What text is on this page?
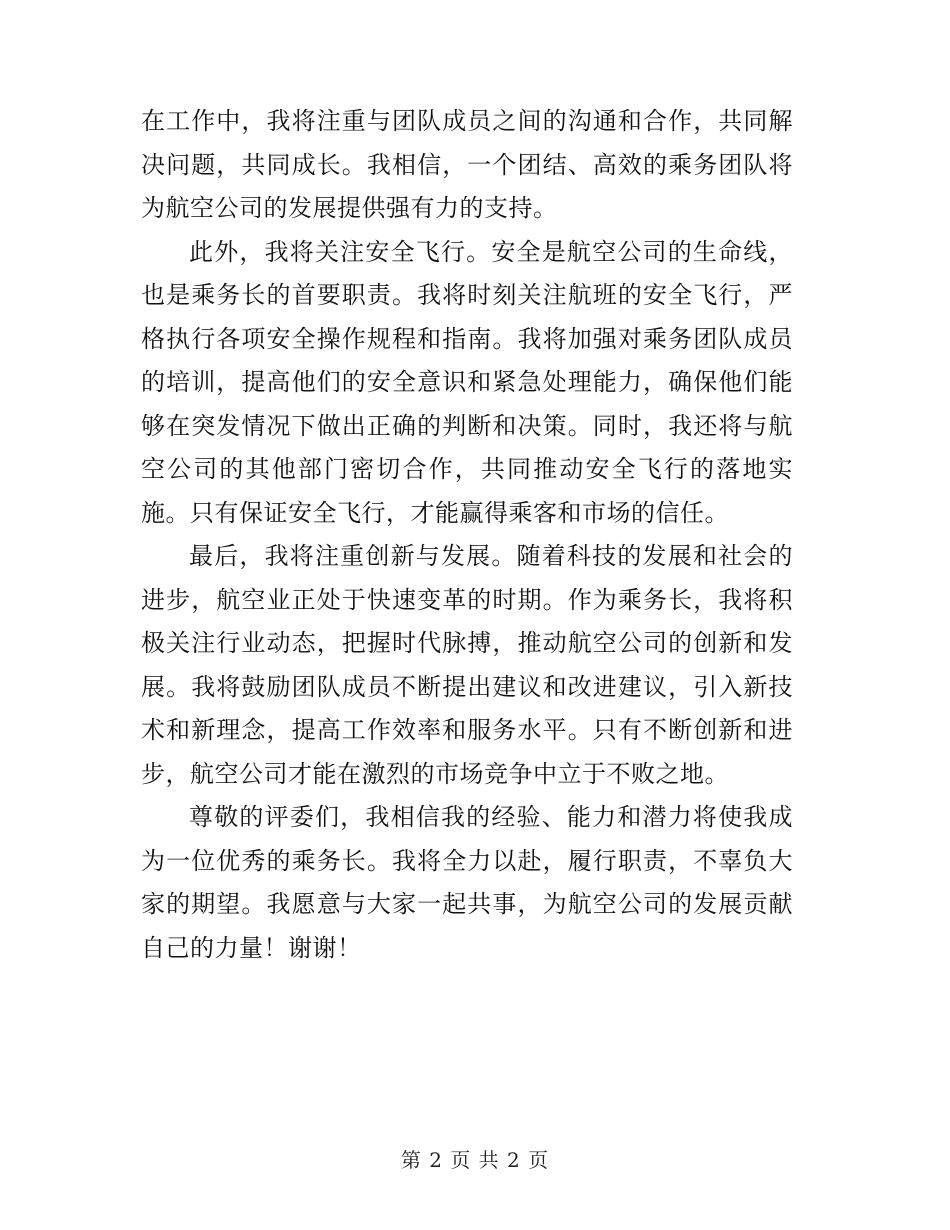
在工作中，我将注重与团队成员之间的沟通和合作，共同解决问题，共同成长。我相信，一个团结、高效的乘务团队将为航空公司的发展提供强有力的支持。

此外，我将关注安全飞行。安全是航空公司的生命线，也是乘务长的首要职责。我将时刻关注航班的安全飞行，严格执行各项安全操作规程和指南。我将加强对乘务团队成员的培训，提高他们的安全意识和紧急处理能力，确保他们能够在突发情况下做出正确的判断和决策。同时，我还将与航空公司的其他部门密切合作，共同推动安全飞行的落地实施。只有保证安全飞行，才能赢得乘客和市场的信任。

最后，我将注重创新与发展。随着科技的发展和社会的进步，航空业正处于快速变革的时期。作为乘务长，我将积极关注行业动态，把握时代脉搏，推动航空公司的创新和发展。我将鼓励团队成员不断提出建议和改进建议，引入新技术和新理念，提高工作效率和服务水平。只有不断创新和进步，航空公司才能在激烈的市场竞争中立于不败之地。

尊敬的评委们，我相信我的经验、能力和潜力将使我成为一位优秀的乘务长。我将全力以赴，履行职责，不辜负大家的期望。我愿意与大家一起共事，为航空公司的发展贡献自己的力量！谢谢！

第 2 页 共 2 页
